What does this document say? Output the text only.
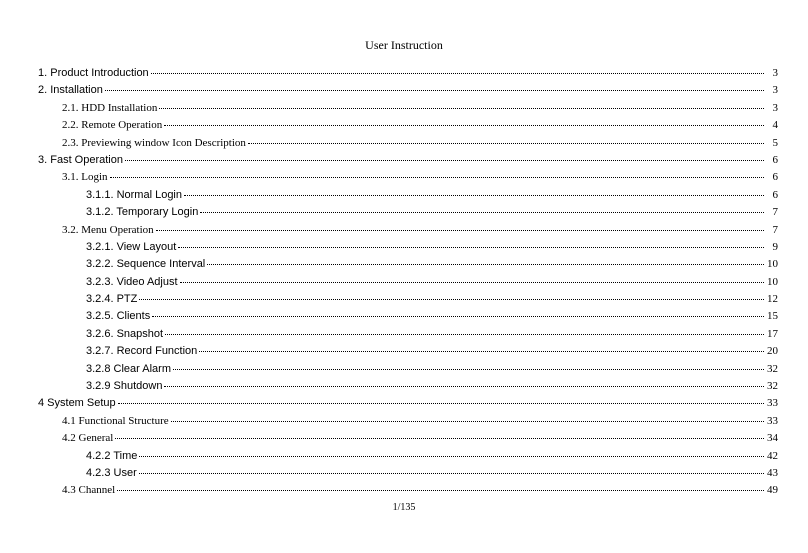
User Instruction
1. Product Introduction	3
2. Installation	3
2.1. HDD Installation	3
2.2. Remote Operation	4
2.3. Previewing window Icon Description	5
3. Fast Operation	6
3.1. Login	6
3.1.1. Normal Login	6
3.1.2. Temporary Login	7
3.2. Menu Operation	7
3.2.1. View Layout	9
3.2.2. Sequence Interval	10
3.2.3. Video Adjust	10
3.2.4. PTZ	12
3.2.5. Clients	15
3.2.6. Snapshot	17
3.2.7. Record Function	20
3.2.8 Clear Alarm	32
3.2.9 Shutdown	32
4 System Setup	33
4.1 Functional Structure	33
4.2 General	34
4.2.2 Time	42
4.2.3 User	43
4.3 Channel	49
1/135
